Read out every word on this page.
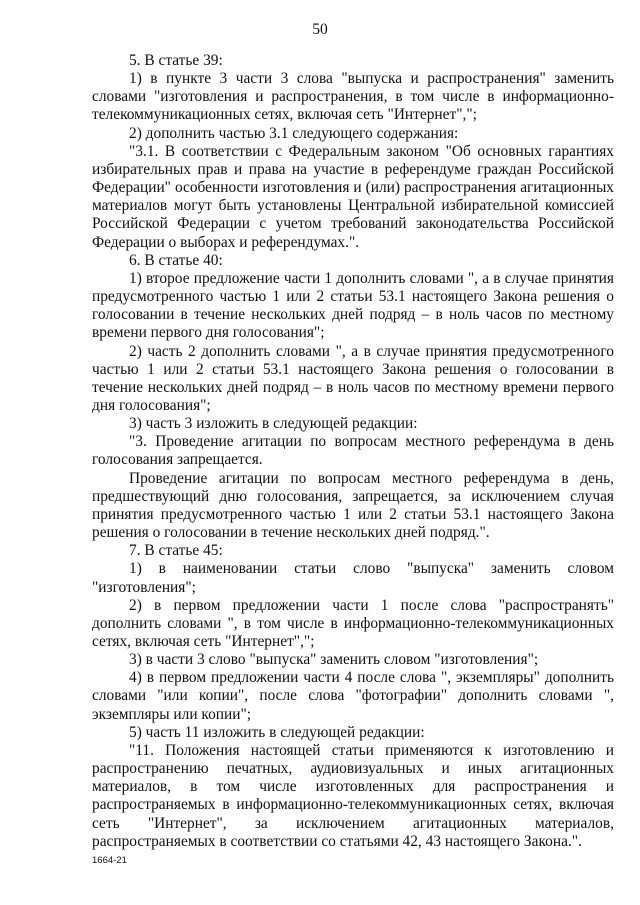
50

5. В статье 39:

1) в пункте 3 части 3 слова "выпуска и распространения" заменить словами "изготовления и распространения, в том числе в информационно-телекоммуникационных сетях, включая сеть "Интернет",";

2) дополнить частью 3.1 следующего содержания:

"3.1. В соответствии с Федеральным законом "Об основных гарантиях избирательных прав и права на участие в референдуме граждан Российской Федерации" особенности изготовления и (или) распространения агитационных материалов могут быть установлены Центральной избирательной комиссией Российской Федерации с учетом требований законодательства Российской Федерации о выборах и референдумах.".

6. В статье 40:

1) второе предложение части 1 дополнить словами ", а в случае принятия предусмотренного частью 1 или 2 статьи 53.1 настоящего Закона решения о голосовании в течение нескольких дней подряд – в ноль часов по местному времени первого дня голосования";

2) часть 2 дополнить словами ", а в случае принятия предусмотренного частью 1 или 2 статьи 53.1 настоящего Закона решения о голосовании в течение нескольких дней подряд – в ноль часов по местному времени первого дня голосования";

3) часть 3 изложить в следующей редакции:

"3. Проведение агитации по вопросам местного референдума в день голосования запрещается.

Проведение агитации по вопросам местного референдума в день, предшествующий дню голосования, запрещается, за исключением случая принятия предусмотренного частью 1 или 2 статьи 53.1 настоящего Закона решения о голосовании в течение нескольких дней подряд.".

7. В статье 45:

1) в наименовании статьи слово "выпуска" заменить словом "изготовления";

2) в первом предложении части 1 после слова "распространять" дополнить словами ", в том числе в информационно-телекоммуникационных сетях, включая сеть "Интернет",";

3) в части 3 слово "выпуска" заменить словом "изготовления";

4) в первом предложении части 4 после слова ", экземпляры" дополнить словами "или копии", после слова "фотографии" дополнить словами ", экземпляры или копии";

5) часть 11 изложить в следующей редакции:

"11. Положения настоящей статьи применяются к изготовлению и распространению печатных, аудиовизуальных и иных агитационных материалов, в том числе изготовленных для распространения и распространяемых в информационно-телекоммуникационных сетях, включая сеть "Интернет", за исключением агитационных материалов, распространяемых в соответствии со статьями 42, 43 настоящего Закона.".

1664-21
